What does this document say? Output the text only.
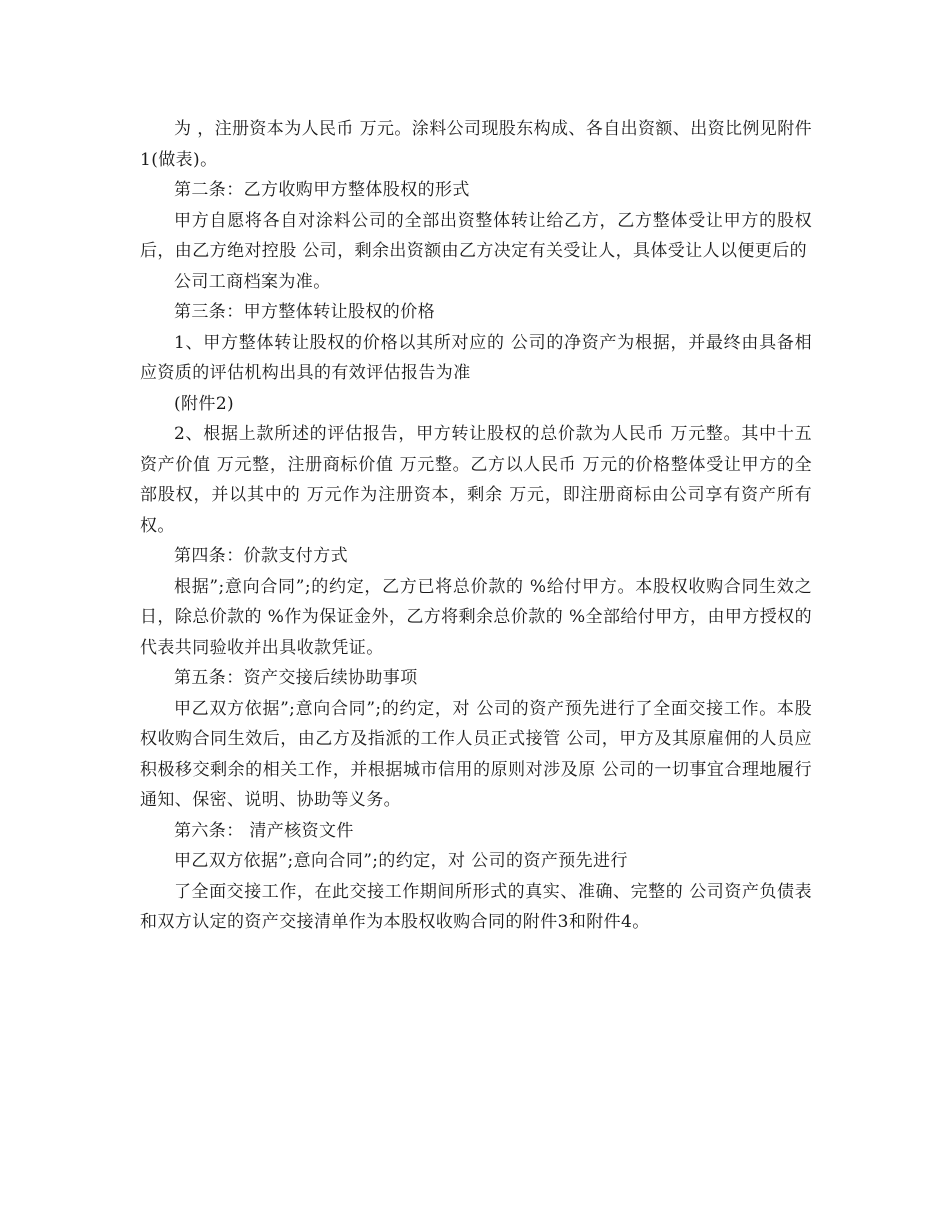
为 ，注册资本为人民币 万元。涂料公司现股东构成、各自出资额、出资比例见附件1(做表)。

第二条：乙方收购甲方整体股权的形式

甲方自愿将各自对涂料公司的全部出资整体转让给乙方，乙方整体受让甲方的股权后，由乙方绝对控股 公司，剩余出资额由乙方决定有关受让人，具体受让人以便更后的

公司工商档案为准。

第三条：甲方整体转让股权的价格

1、甲方整体转让股权的价格以其所对应的 公司的净资产为根据，并最终由具备相应资质的评估机构出具的有效评估报告为准

(附件2)

2、根据上款所述的评估报告，甲方转让股权的总价款为人民币 万元整。其中十五资产价值 万元整，注册商标价值 万元整。乙方以人民币 万元的价格整体受让甲方的全部股权，并以其中的 万元作为注册资本，剩余 万元，即注册商标由公司享有资产所有权。

第四条：价款支付方式

根据”;意向合同”;的约定，乙方已将总价款的 %给付甲方。本股权收购合同生效之日，除总价款的 %作为保证金外，乙方将剩余总价款的 %全部给付甲方，由甲方授权的代表共同验收并出具收款凭证。

第五条：资产交接后续协助事项

甲乙双方依据”;意向合同”;的约定，对 公司的资产预先进行了全面交接工作。本股权收购合同生效后，由乙方及指派的工作人员正式接管 公司，甲方及其原雇佣的人员应积极移交剩余的相关工作，并根据城市信用的原则对涉及原 公司的一切事宜合理地履行通知、保密、说明、协助等义务。

第六条： 清产核资文件

甲乙双方依据”;意向合同”;的约定，对 公司的资产预先进行

了全面交接工作，在此交接工作期间所形式的真实、准确、完整的 公司资产负债表和双方认定的资产交接清单作为本股权收购合同的附件3和附件4。
